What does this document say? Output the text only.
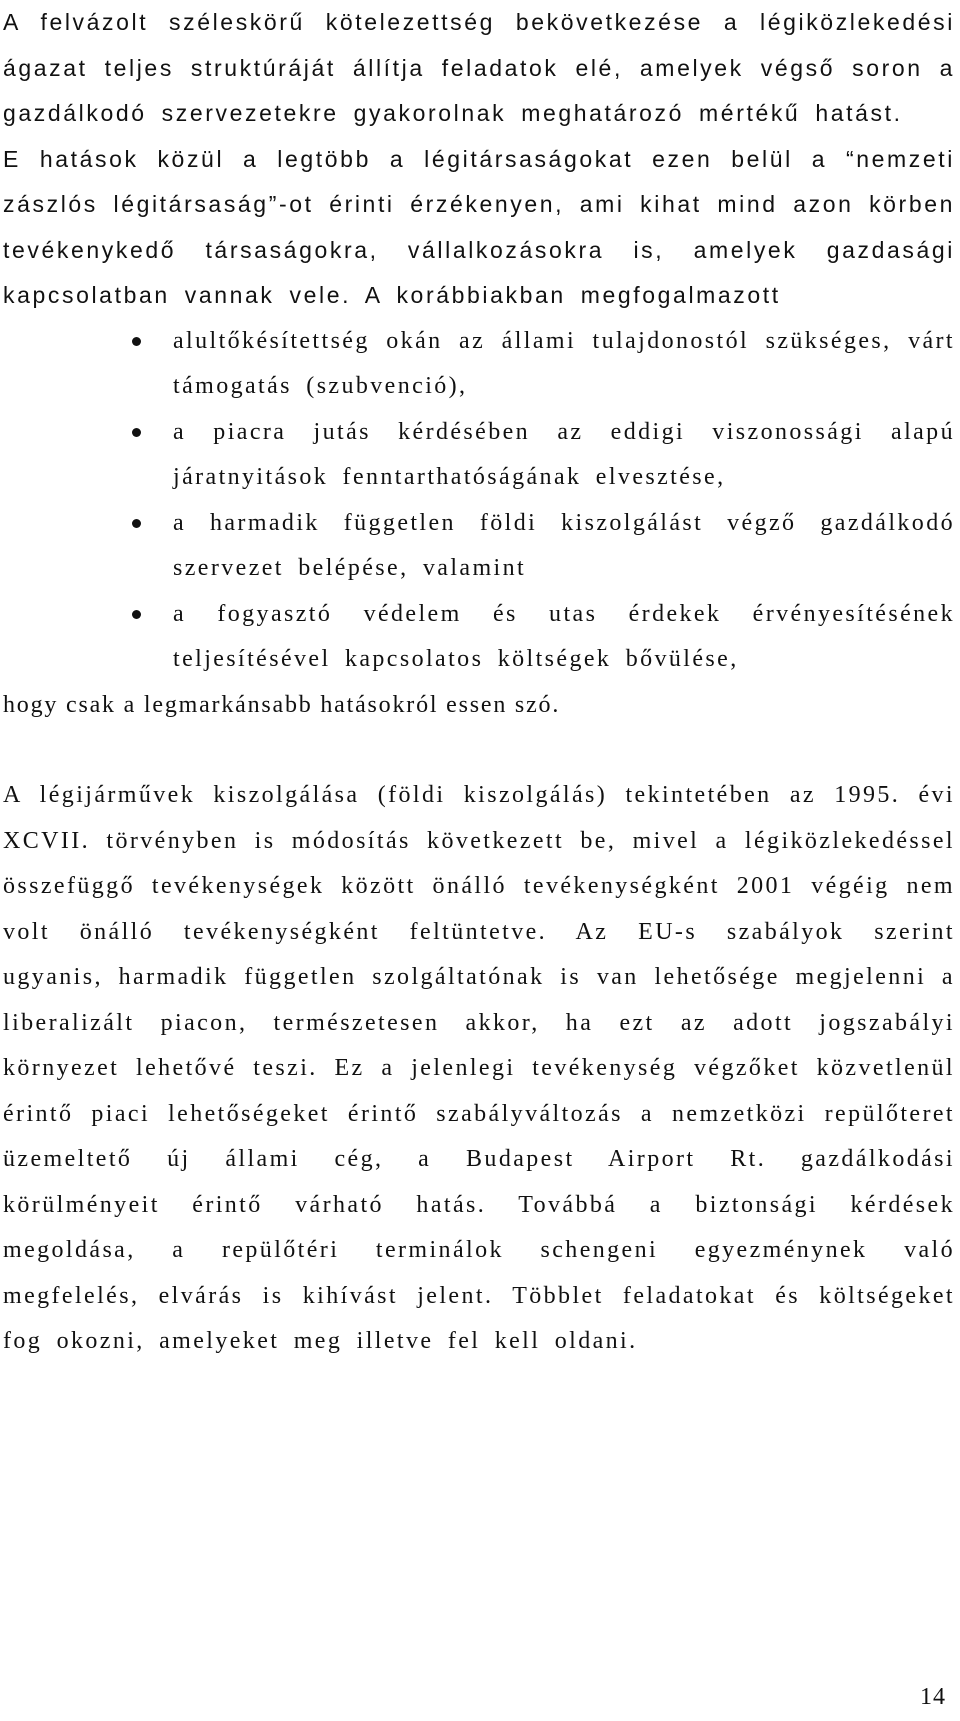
A felvázolt széleskörű kötelezettség bekövetkezése a légiközlekedési ágazat teljes struktúráját állítja feladatok elé, amelyek végső soron a gazdálkodó szervezetekre gyakorolnak meghatározó mértékű hatást.

E hatások közül a legtöbb a légitársaságokat ezen belül a “nemzeti zászlós légitársaság”-ot érinti érzékenyen, ami kihat mind azon körben tevékenykedő társaságokra, vállalkozásokra is, amelyek gazdasági kapcsolatban vannak vele. A korábbiakban megfogalmazott

alultőkésítettség okán az állami tulajdonostól szükséges, várt támogatás (szubvenció),
a piacra jutás kérdésében az eddigi viszonossági alapú járatnyitások fenntarthatóságának elvesztése,
a harmadik független földi kiszolgálást végző gazdálkodó szervezet belépése, valamint
a fogyasztó védelem és utas érdekek érvényesítésének teljesítésével kapcsolatos költségek bővülése,

hogy csak a legmarkánsabb hatásokról essen szó.

A légijárművek kiszolgálása (földi kiszolgálás) tekintetében az 1995. évi XCVII. törvényben is módosítás következett be, mivel a légiközlekedéssel összefüggő tevékenységek között önálló tevékenységként 2001 végéig nem volt önálló tevékenységként feltüntetve. Az EU-s szabályok szerint ugyanis, harmadik független szolgáltatónak is van lehetősége megjelenni a liberalizált piacon, természetesen akkor, ha ezt az adott jogszabályi környezet lehetővé teszi. Ez a jelenlegi tevékenység végzőket közvetlenül érintő piaci lehetőségeket érintő szabályváltozás a nemzetközi repülőteret üzemeltető új állami cég, a Budapest Airport Rt. gazdálkodási körülményeit érintő várható hatás. Továbbá a biztonsági kérdések megoldása, a repülőtéri terminálok schengeni egyezménynek való megfelelés, elvárás is kihívást jelent. Többlet feladatokat és költségeket fog okozni, amelyeket meg illetve fel kell oldani.

14
